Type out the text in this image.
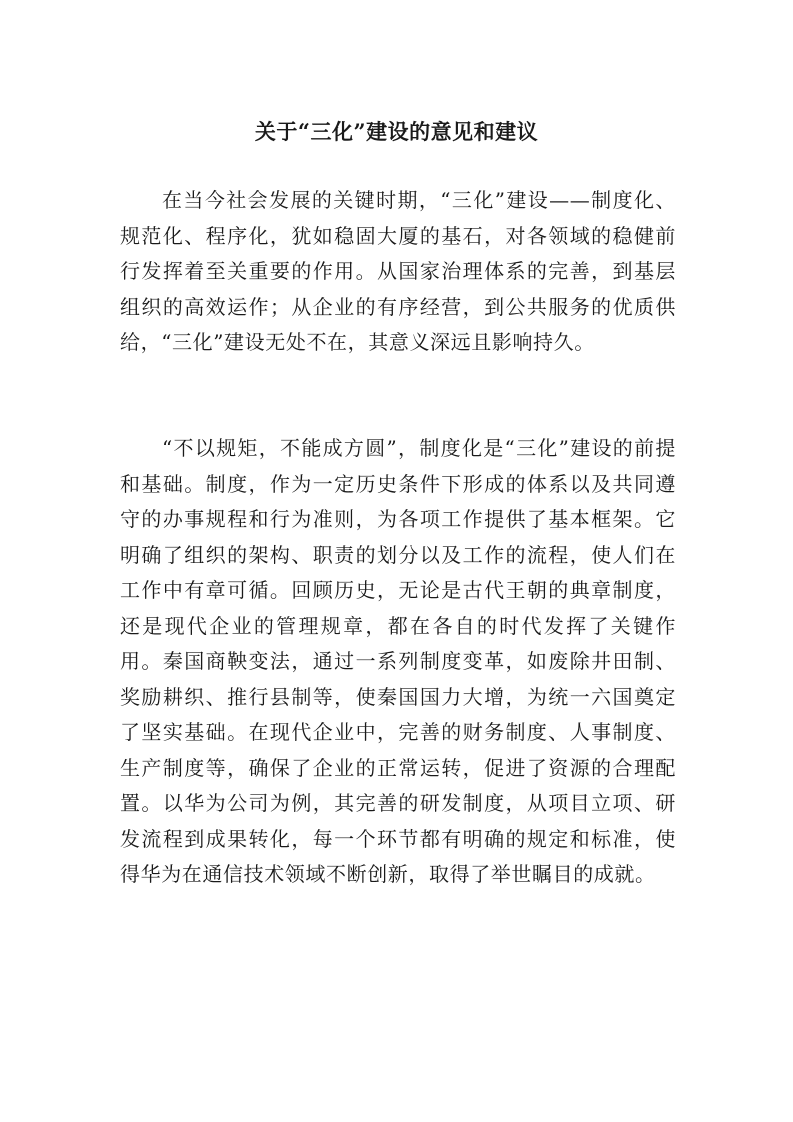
关于“三化”建设的意见和建议

在当今社会发展的关键时期，“三化”建设——制度化、规范化、程序化，犹如稳固大厦的基石，对各领域的稳健前行发挥着至关重要的作用。从国家治理体系的完善，到基层组织的高效运作；从企业的有序经营，到公共服务的优质供给，“三化”建设无处不在，其意义深远且影响持久。

“不以规矩，不能成方圆”，制度化是“三化”建设的前提和基础。制度，作为一定历史条件下形成的体系以及共同遵守的办事规程和行为准则，为各项工作提供了基本框架。它明确了组织的架构、职责的划分以及工作的流程，使人们在工作中有章可循。回顾历史，无论是古代王朝的典章制度，还是现代企业的管理规章，都在各自的时代发挥了关键作用。秦国商鞅变法，通过一系列制度变革，如废除井田制、奖励耕织、推行县制等，使秦国国力大增，为统一六国奠定了坚实基础。在现代企业中，完善的财务制度、人事制度、生产制度等，确保了企业的正常运转，促进了资源的合理配置。以华为公司为例，其完善的研发制度，从项目立项、研发流程到成果转化，每一个环节都有明确的规定和标准，使得华为在通信技术领域不断创新，取得了举世瞩目的成就。
